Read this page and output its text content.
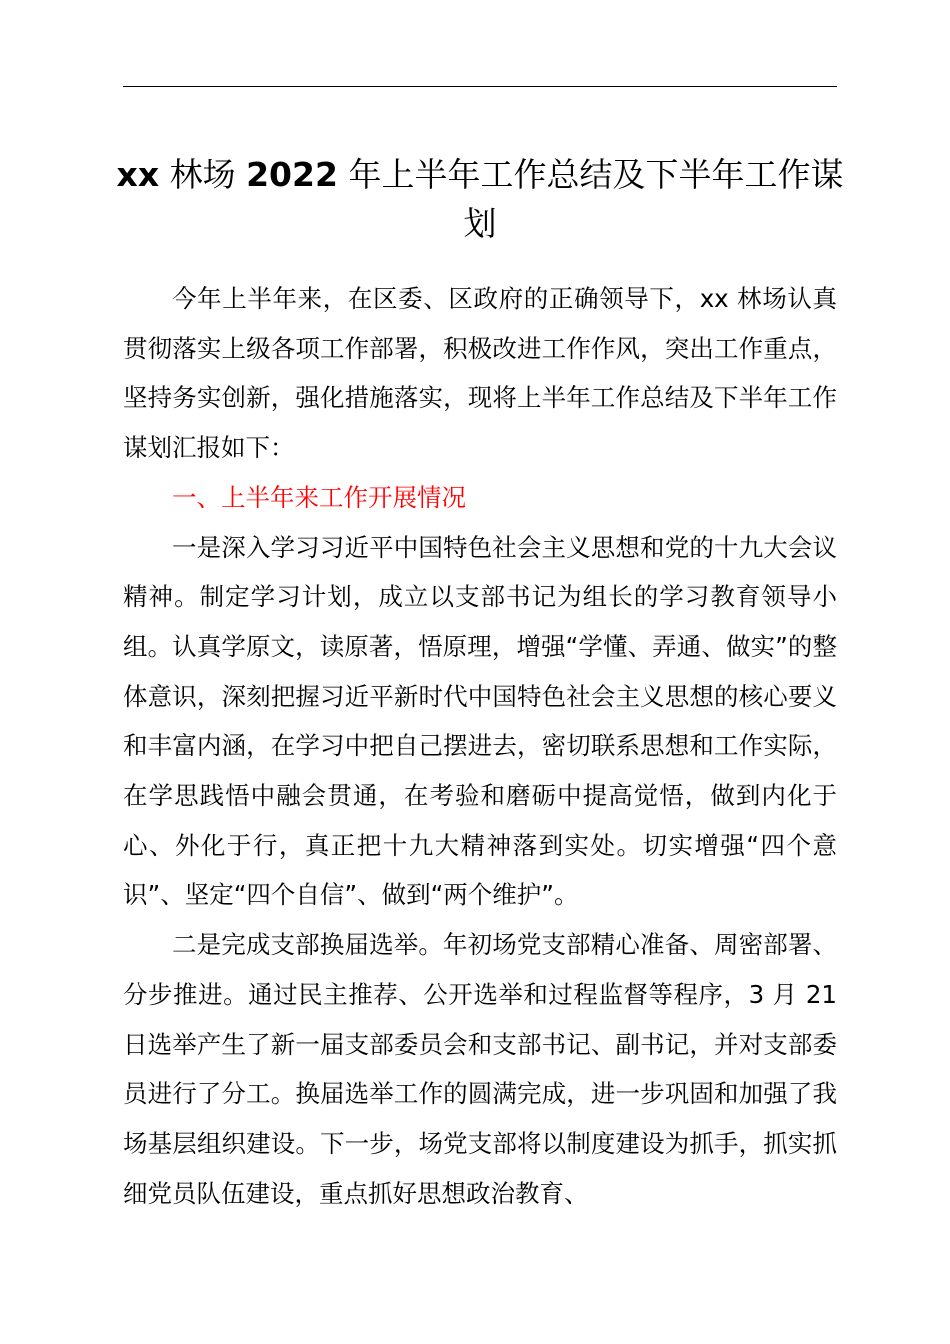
xx 林场 2022 年上半年工作总结及下半年工作谋划

今年上半年来，在区委、区政府的正确领导下，xx 林场认真贯彻落实上级各项工作部署，积极改进工作作风，突出工作重点，坚持务实创新，强化措施落实，现将上半年工作总结及下半年工作谋划汇报如下：

一、上半年来工作开展情况

一是深入学习习近平中国特色社会主义思想和党的十九大会议精神。制定学习计划，成立以支部书记为组长的学习教育领导小组。认真学原文，读原著，悟原理，增强“学懂、弄通、做实”的整体意识，深刻把握习近平新时代中国特色社会主义思想的核心要义和丰富内涵，在学习中把自己摆进去，密切联系思想和工作实际，在学思践悟中融会贯通，在考验和磨砺中提高觉悟，做到内化于心、外化于行，真正把十九大精神落到实处。切实增强“四个意识”、坚定“四个自信”、做到“两个维护”。

二是完成支部换届选举。年初场党支部精心准备、周密部署、分步推进。通过民主推荐、公开选举和过程监督等程序，3 月 21 日选举产生了新一届支部委员会和支部书记、副书记，并对支部委员进行了分工。换届选举工作的圆满完成，进一步巩固和加强了我场基层组织建设。下一步，场党支部将以制度建设为抓手，抓实抓细党员队伍建设，重点抓好思想政治教育、
